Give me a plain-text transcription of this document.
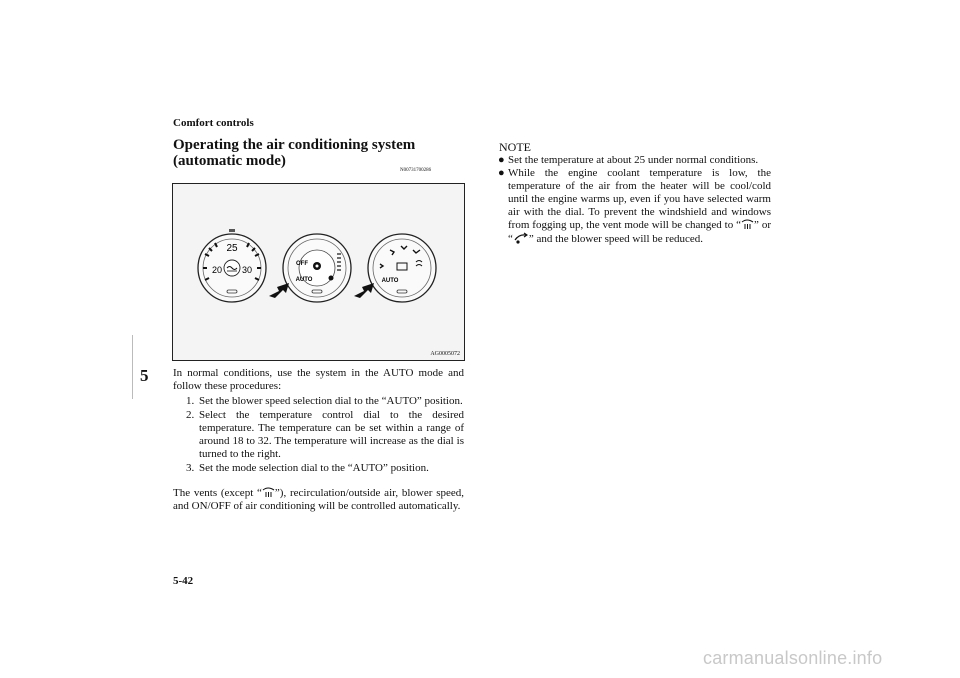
Comfort controls
5
Operating the air conditioning system (automatic mode)
N00731700286
25
20 30
OFF
AUTO	AUTO
AG0005072

In normal conditions, use the system in the AUTO mode and follow these procedures:

1. Set the blower speed selection dial to the “AUTO” position.
2. Select the temperature control dial to the desired temperature. The temperature can be set within a range of around 18 to 32. The temperature will increase as the dial is turned to the right.
3. Set the mode selection dial to the “AUTO” position.

The vents (except “ ”), recirculation/outside air, blower speed, and ON/OFF of air conditioning will be controlled automatically.

NOTE
● Set the temperature at about 25 under normal conditions.
● While the engine coolant temperature is low, the temperature of the air from the heater will be cool/cold until the engine warms up, even if you have selected warm air with the dial. To prevent the windshield and windows from fogging up, the vent mode will be changed to “ ” or “ ” and the blower speed will be reduced.
5-42
carmanualsonline.info
